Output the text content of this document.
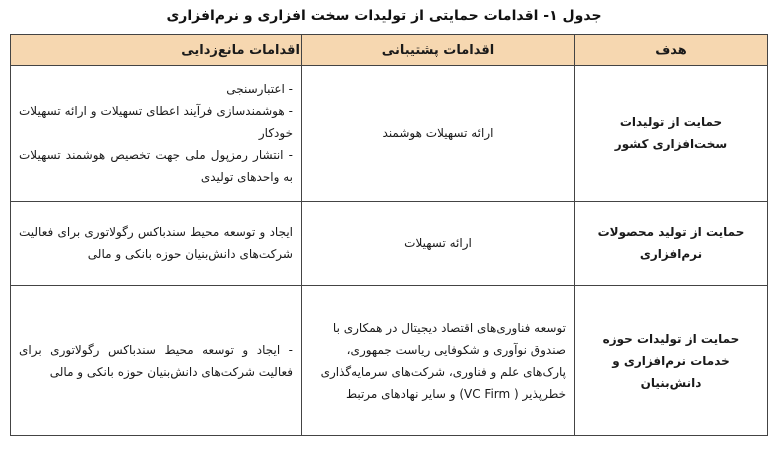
جدول ۱- اقدامات حمایتی از تولیدات سخت افزاری و نرم‌افزاری
هدف	اقدامات پشتیبانی	اقدامات مانع‌زدایی
حمایت از تولیدات سخت‌افزاری کشور	ارائه تسهیلات هوشمند	- اعتبارسنجی
- هوشمندسازی فرآیند اعطای تسهیلات و ارائه تسهیلات خودکار
- انتشار رمزپول ملی جهت تخصیص هوشمند تسهیلات به واحدهای تولیدی

حمایت از تولید محصولات نرم‌افزاری	ارائه تسهیلات	ایجاد و توسعه محیط سندباکس رگولاتوری برای فعالیت شرکت‌های دانش‌بنیان حوزه بانکی و مالی
حمایت از تولیدات حوزه خدمات نرم‌افزاری و دانش‌بنیان	توسعه فناوری‌های اقتصاد دیجیتال در همکاری با صندوق نوآوری و شکوفایی ریاست جمهوری، پارک‌های علم و فناوری، شرکت‌های سرمایه‌گذاری خطرپذیر ( VC Firm) و سایر نهادهای مرتبط	- ایجاد و توسعه محیط سندباکس رگولاتوری برای فعالیت شرکت‌های دانش‌بنیان حوزه بانکی و مالی
